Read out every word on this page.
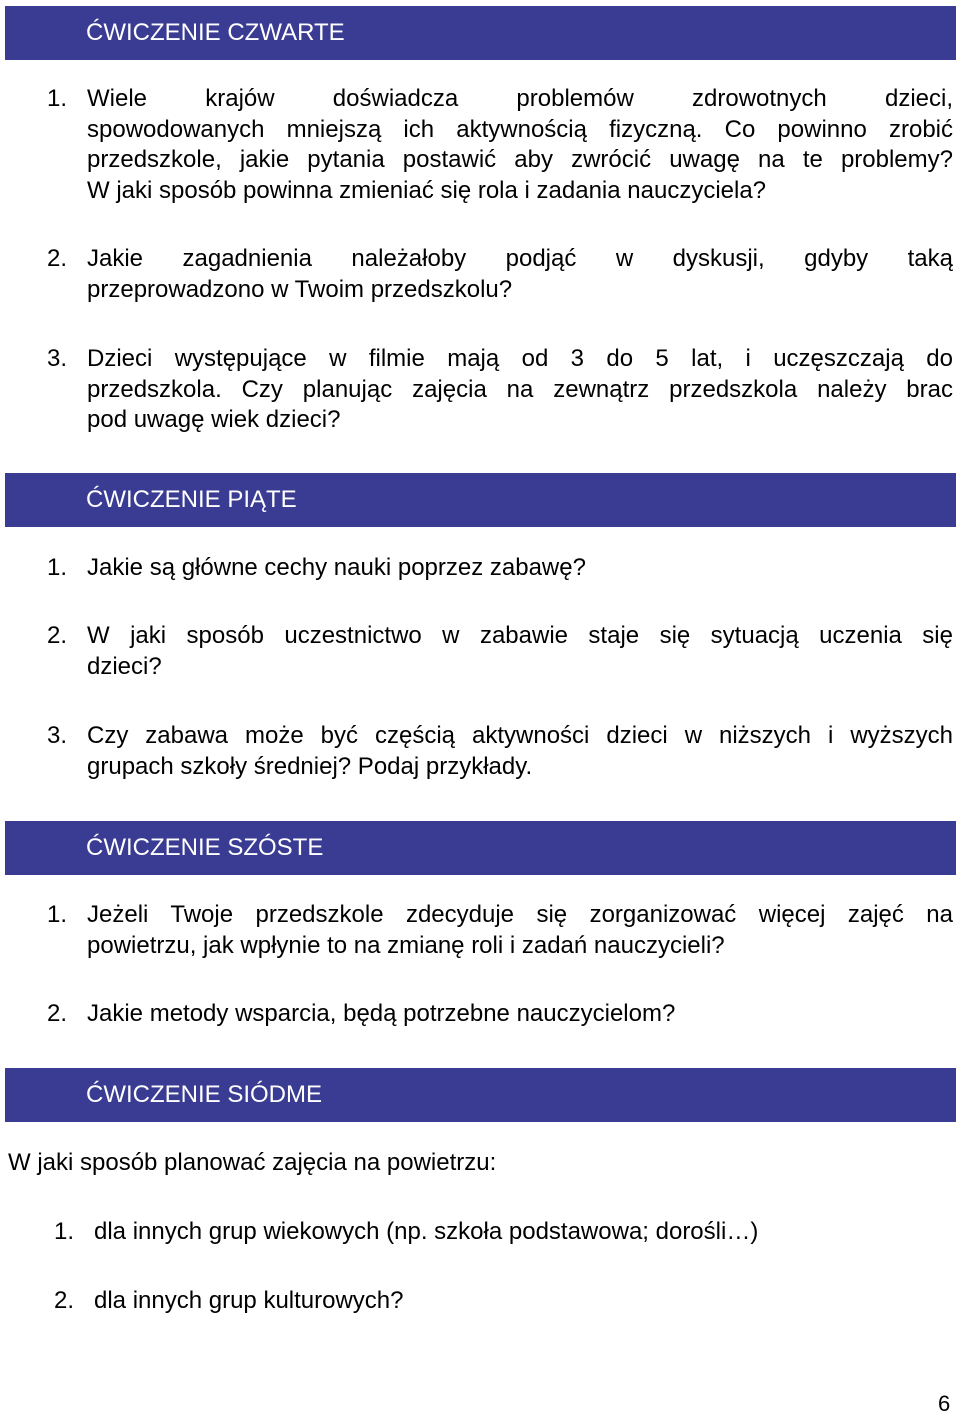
ĆWICZENIE CZWARTE
1. Wiele krajów doświadcza problemów zdrowotnych dzieci,
spowodowanych mniejszą ich aktywnością fizyczną. Co powinno zrobić
przedszkole, jakie pytania postawić aby zwrócić uwagę na te problemy?
W jaki sposób powinna zmieniać się rola i zadania nauczyciela?
2. Jakie zagadnienia należałoby podjąć w dyskusji, gdyby taką
przeprowadzono w Twoim przedszkolu?
3. Dzieci występujące w filmie mają od 3 do 5 lat, i uczęszczają do
przedszkola. Czy planując zajęcia na zewnątrz przedszkola należy brac
pod uwagę wiek dzieci?
ĆWICZENIE PIĄTE
1. Jakie są główne cechy nauki poprzez zabawę?
2. W jaki sposób uczestnictwo w zabawie staje się sytuacją uczenia się
dzieci?
3. Czy zabawa może być częścią aktywności dzieci w niższych i wyższych
grupach szkoły średniej? Podaj przykłady.
ĆWICZENIE SZÓSTE
1. Jeżeli Twoje przedszkole zdecyduje się zorganizować więcej zajęć na
powietrzu, jak wpłynie to na zmianę roli i zadań nauczycieli?
2. Jakie metody wsparcia, będą potrzebne nauczycielom?
ĆWICZENIE SIÓDME
W jaki sposób planować zajęcia na powietrzu:
1. dla innych grup wiekowych (np. szkoła podstawowa; dorośli…)
2. dla innych grup kulturowych?
6
